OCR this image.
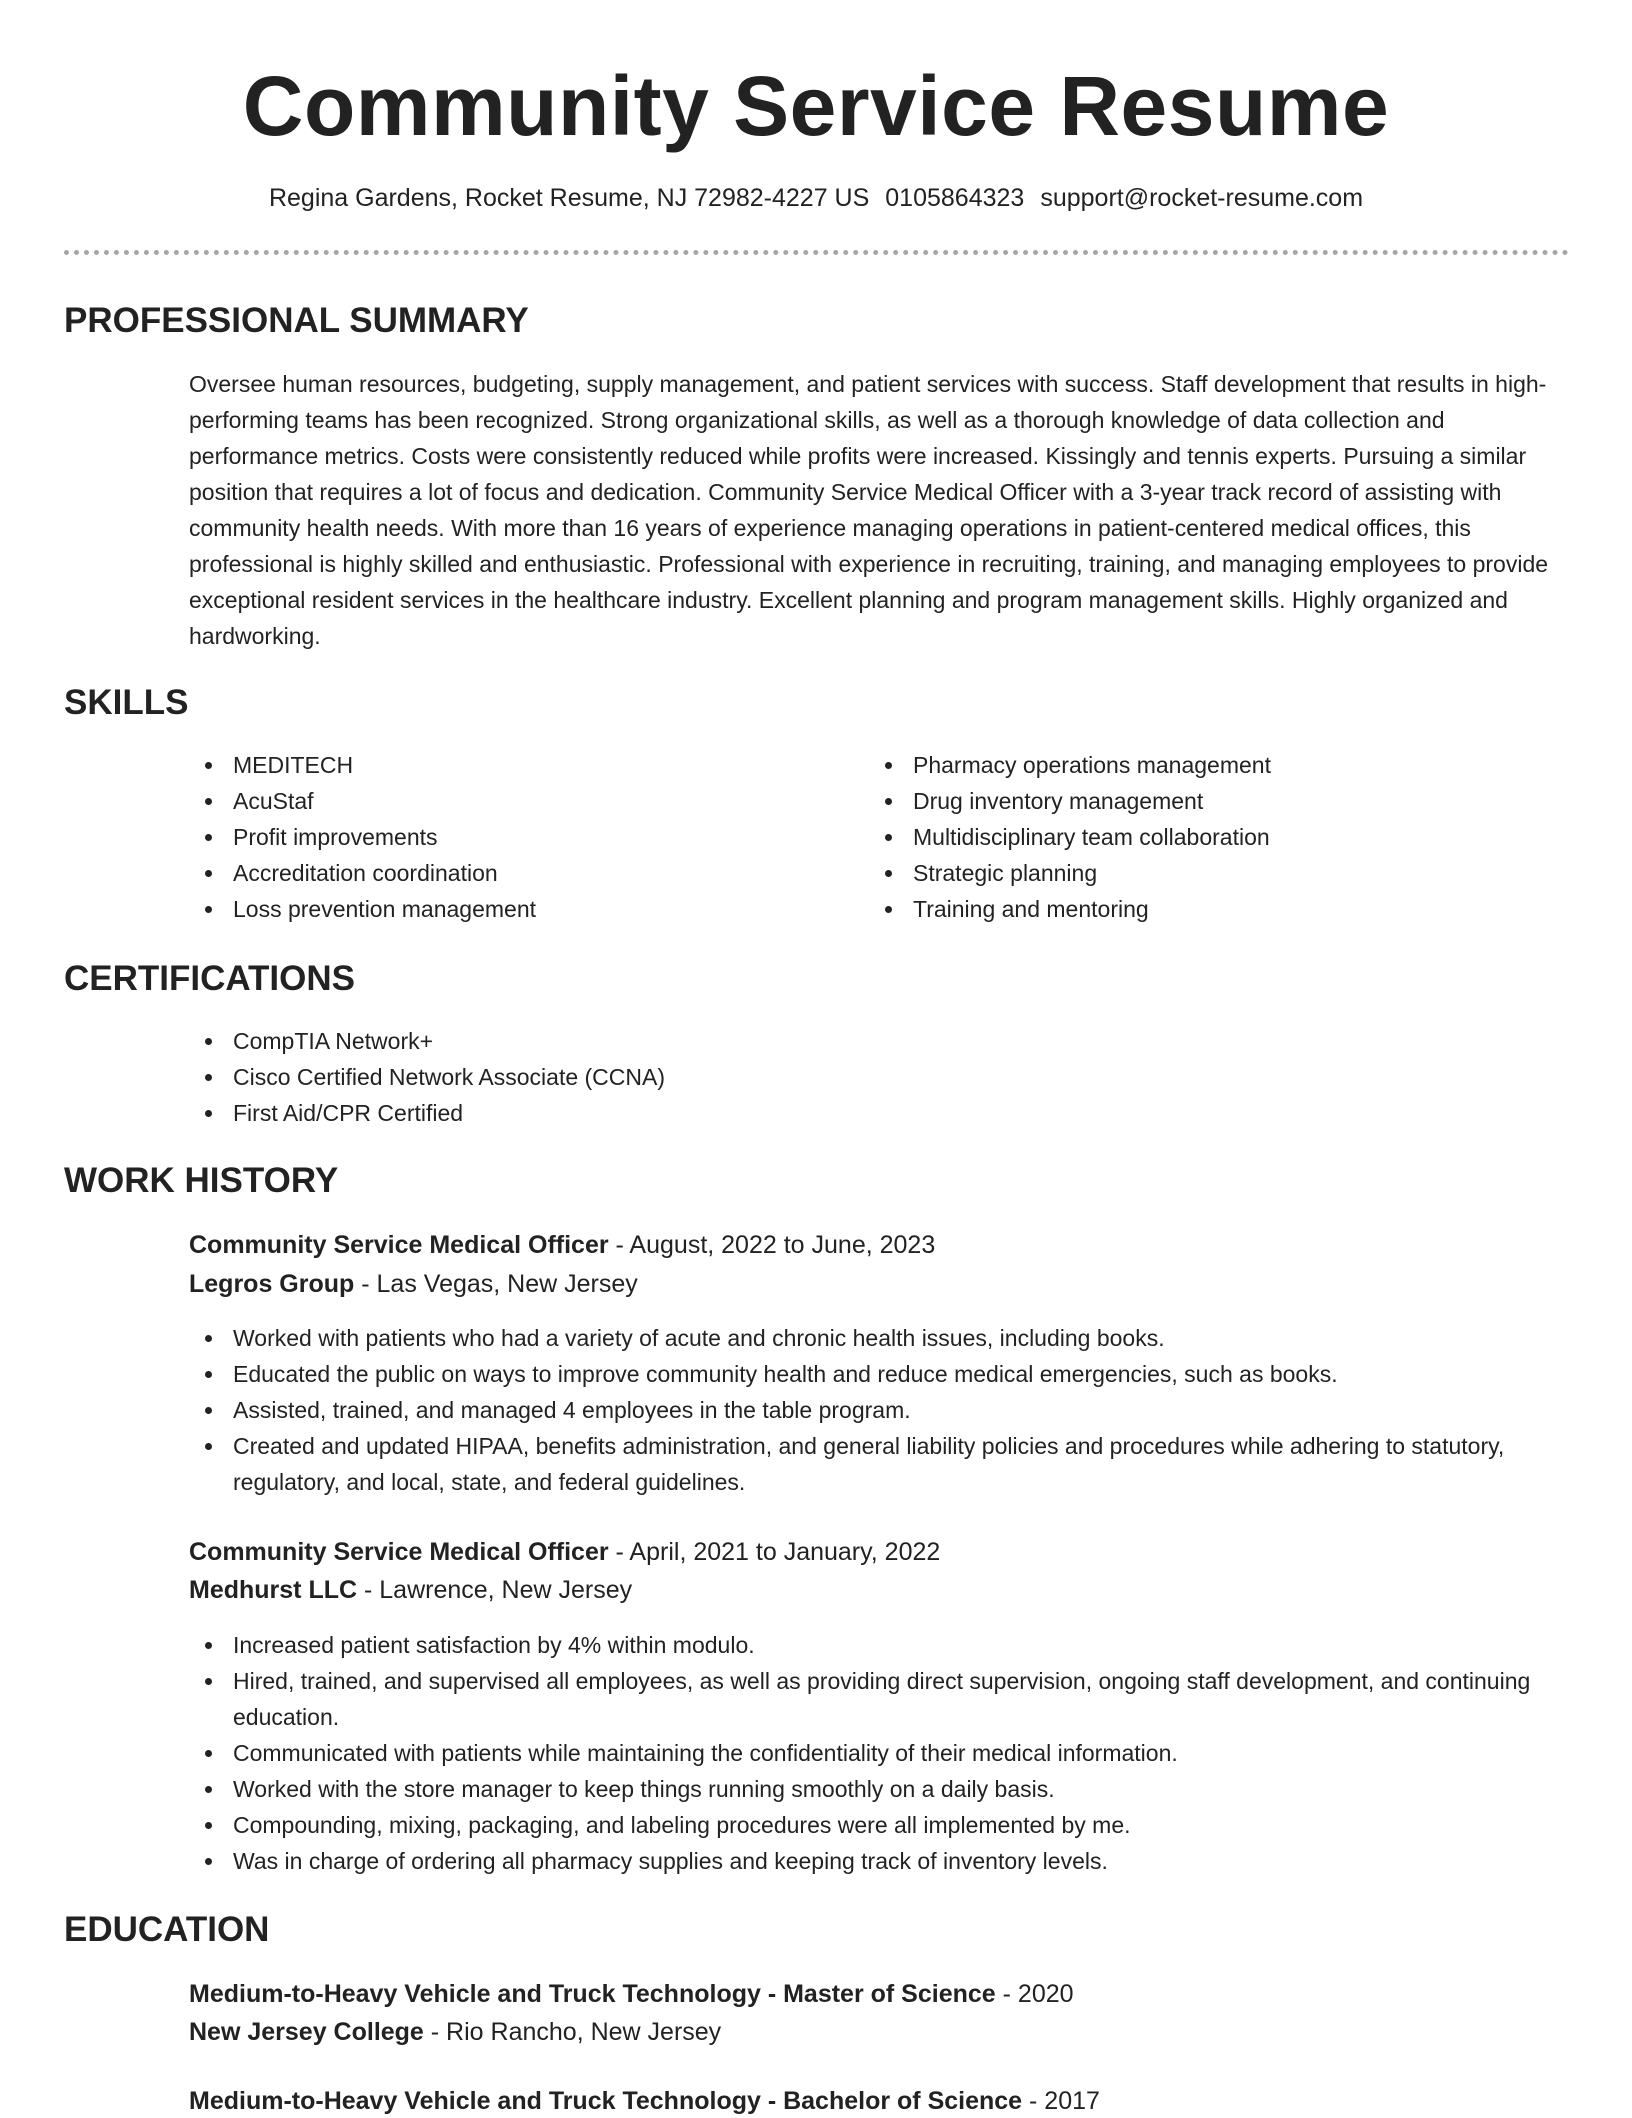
Community Service Resume
Regina Gardens, Rocket Resume, NJ 72982-4227 US 0105864323 support@rocket-resume.com
PROFESSIONAL SUMMARY

Oversee human resources, budgeting, supply management, and patient services with success. Staff development that results in high-performing teams has been recognized. Strong organizational skills, as well as a thorough knowledge of data collection and performance metrics. Costs were consistently reduced while profits were increased. Kissingly and tennis experts. Pursuing a similar position that requires a lot of focus and dedication. Community Service Medical Officer with a 3-year track record of assisting with community health needs. With more than 16 years of experience managing operations in patient-centered medical offices, this professional is highly skilled and enthusiastic. Professional with experience in recruiting, training, and managing employees to provide exceptional resident services in the healthcare industry. Excellent planning and program management skills. Highly organized and hardworking.

SKILLS
MEDITECH
AcuStaf
Profit improvements
Accreditation coordination
Loss prevention management
Pharmacy operations management
Drug inventory management
Multidisciplinary team collaboration
Strategic planning
Training and mentoring
CERTIFICATIONS
CompTIA Network+
Cisco Certified Network Associate (CCNA)
First Aid/CPR Certified
WORK HISTORY
Community Service Medical Officer - August, 2022 to June, 2023
Legros Group - Las Vegas, New Jersey
Worked with patients who had a variety of acute and chronic health issues, including books.
Educated the public on ways to improve community health and reduce medical emergencies, such as books.
Assisted, trained, and managed 4 employees in the table program.
Created and updated HIPAA, benefits administration, and general liability policies and procedures while adhering to statutory, regulatory, and local, state, and federal guidelines.
Community Service Medical Officer - April, 2021 to January, 2022
Medhurst LLC - Lawrence, New Jersey
Increased patient satisfaction by 4% within modulo.
Hired, trained, and supervised all employees, as well as providing direct supervision, ongoing staff development, and continuing education.
Communicated with patients while maintaining the confidentiality of their medical information.
Worked with the store manager to keep things running smoothly on a daily basis.
Compounding, mixing, packaging, and labeling procedures were all implemented by me.
Was in charge of ordering all pharmacy supplies and keeping track of inventory levels.
EDUCATION
Medium-to-Heavy Vehicle and Truck Technology - Master of Science - 2020
New Jersey College - Rio Rancho, New Jersey
Medium-to-Heavy Vehicle and Truck Technology - Bachelor of Science - 2017
